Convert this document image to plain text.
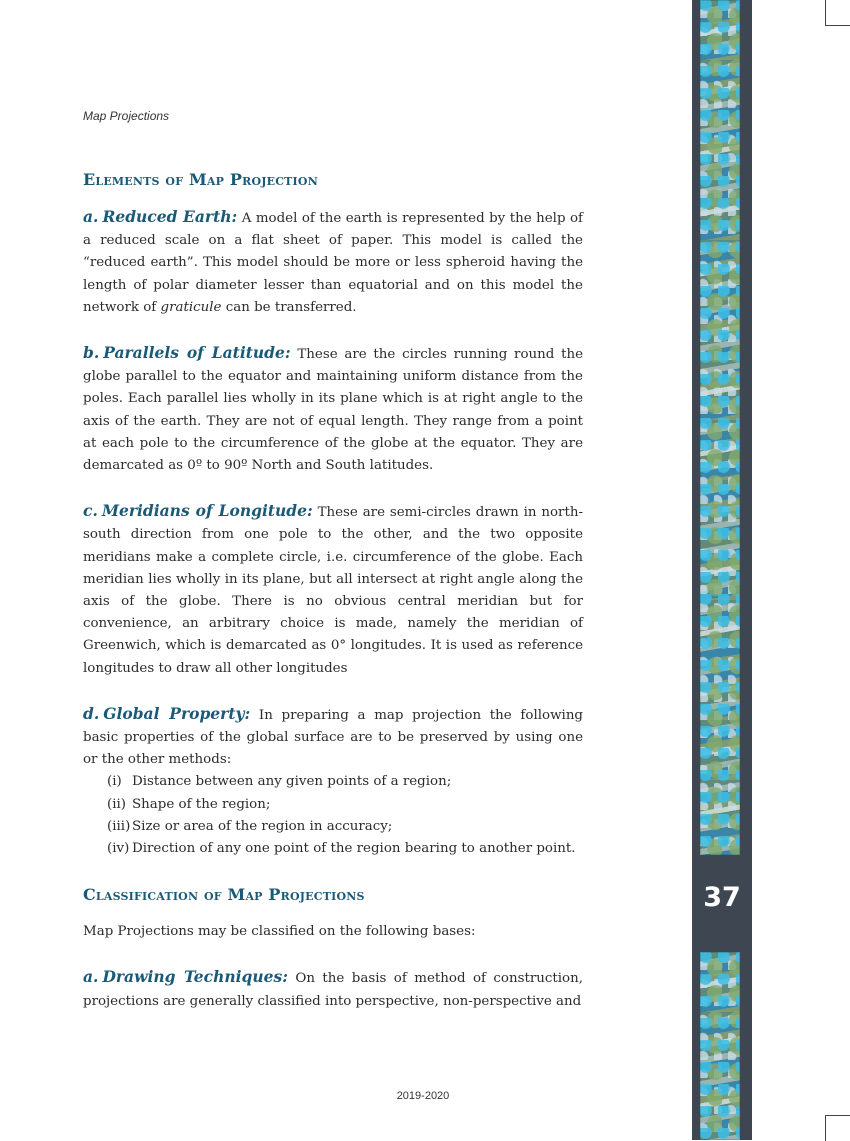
Map Projections
Elements of Map Projection

a. Reduced Earth: A model of the earth is represented by the help of a reduced scale on a flat sheet of paper. This model is called the “reduced earth”. This model should be more or less spheroid having the length of polar diameter lesser than equatorial and on this model the network of graticule can be transferred.

b. Parallels of Latitude: These are the circles running round the globe parallel to the equator and maintaining uniform distance from the poles. Each parallel lies wholly in its plane which is at right angle to the axis of the earth. They are not of equal length. They range from a point at each pole to the circumference of the globe at the equator. They are demarcated as 0º to 90º North and South latitudes.

c. Meridians of Longitude: These are semi-circles drawn in north-south direction from one pole to the other, and the two opposite meridians make a complete circle, i.e. circumference of the globe. Each meridian lies wholly in its plane, but all intersect at right angle along the axis of the globe. There is no obvious central meridian but for convenience, an arbitrary choice is made, namely the meridian of Greenwich, which is demarcated as 0° longitudes. It is used as reference longitudes to draw all other longitudes

d. Global Property: In preparing a map projection the following basic properties of the global surface are to be preserved by using one or the other methods:

(i) Distance between any given points of a region;
(ii) Shape of the region;
(iii) Size or area of the region in accuracy;
(iv) Direction of any one point of the region bearing to another point.
Classification of Map Projections

Map Projections may be classified on the following bases:

a. Drawing Techniques: On the basis of method of construction, projections are generally classified into perspective, non-perspective and

2019-2020
37
